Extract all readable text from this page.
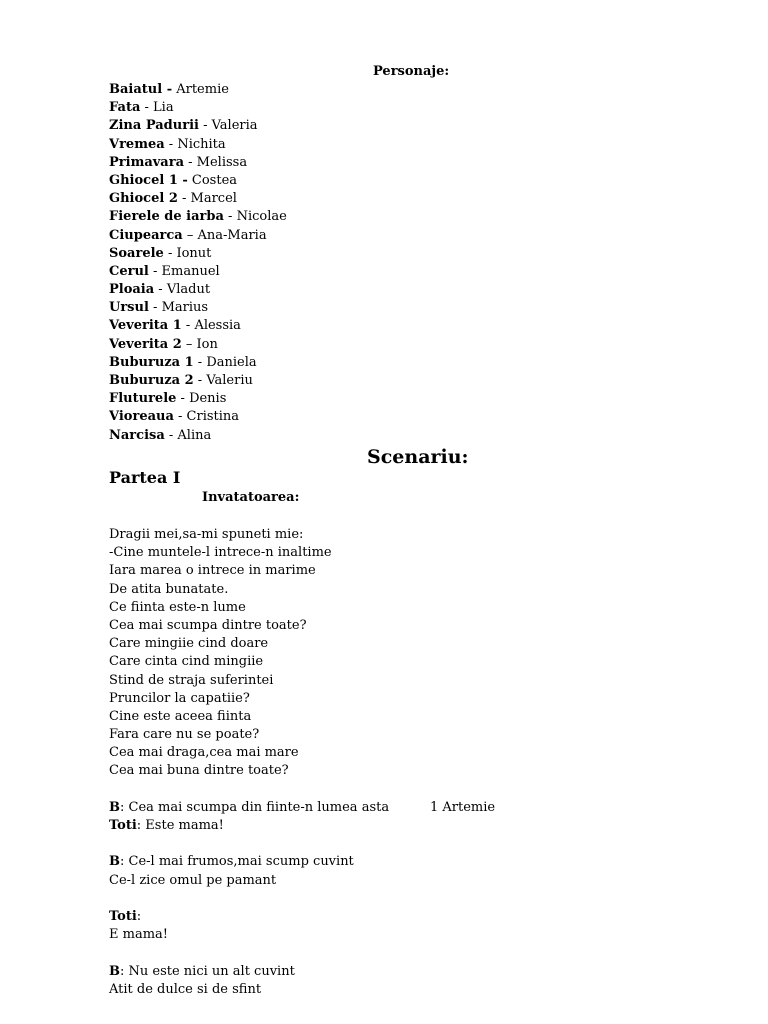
Personaje:
Baiatul - Artemie
Fata - Lia
Zina Padurii - Valeria
Vremea - Nichita
Primavara - Melissa
Ghiocel 1 - Costea
Ghiocel 2 - Marcel
Fierele de iarba - Nicolae
Ciupearca – Ana-Maria
Soarele - Ionut
Cerul - Emanuel
Ploaia - Vladut
Ursul - Marius
Veverita 1 - Alessia
Veverita 2 – Ion
Buburuza 1 - Daniela
Buburuza 2 - Valeriu
Fluturele - Denis
Vioreaua - Cristina
Narcisa - Alina
Scenariu:
Partea I
Invatatoarea:
Dragii mei,sa-mi spuneti mie:
-Cine muntele-l intrece-n inaltime
Iara marea o intrece in marime
De atita bunatate.
Ce fiinta este-n lume
Cea mai scumpa dintre toate?
Care mingiie cind doare
Care cinta cind mingiie
Stind de straja suferintei
Pruncilor la capatiie?
Cine este aceea fiinta
Fara care nu se poate?
Cea mai draga,cea mai mare
Cea mai buna dintre toate?
B: Cea mai scumpa din fiinte-n lumea asta
Toti: Este mama!
B: Ce-l mai frumos,mai scump cuvint
Ce-l zice omul pe pamant
Toti:
E mama!
B: Nu este nici un alt cuvint
Atit de dulce si de sfint
1 Artemie
